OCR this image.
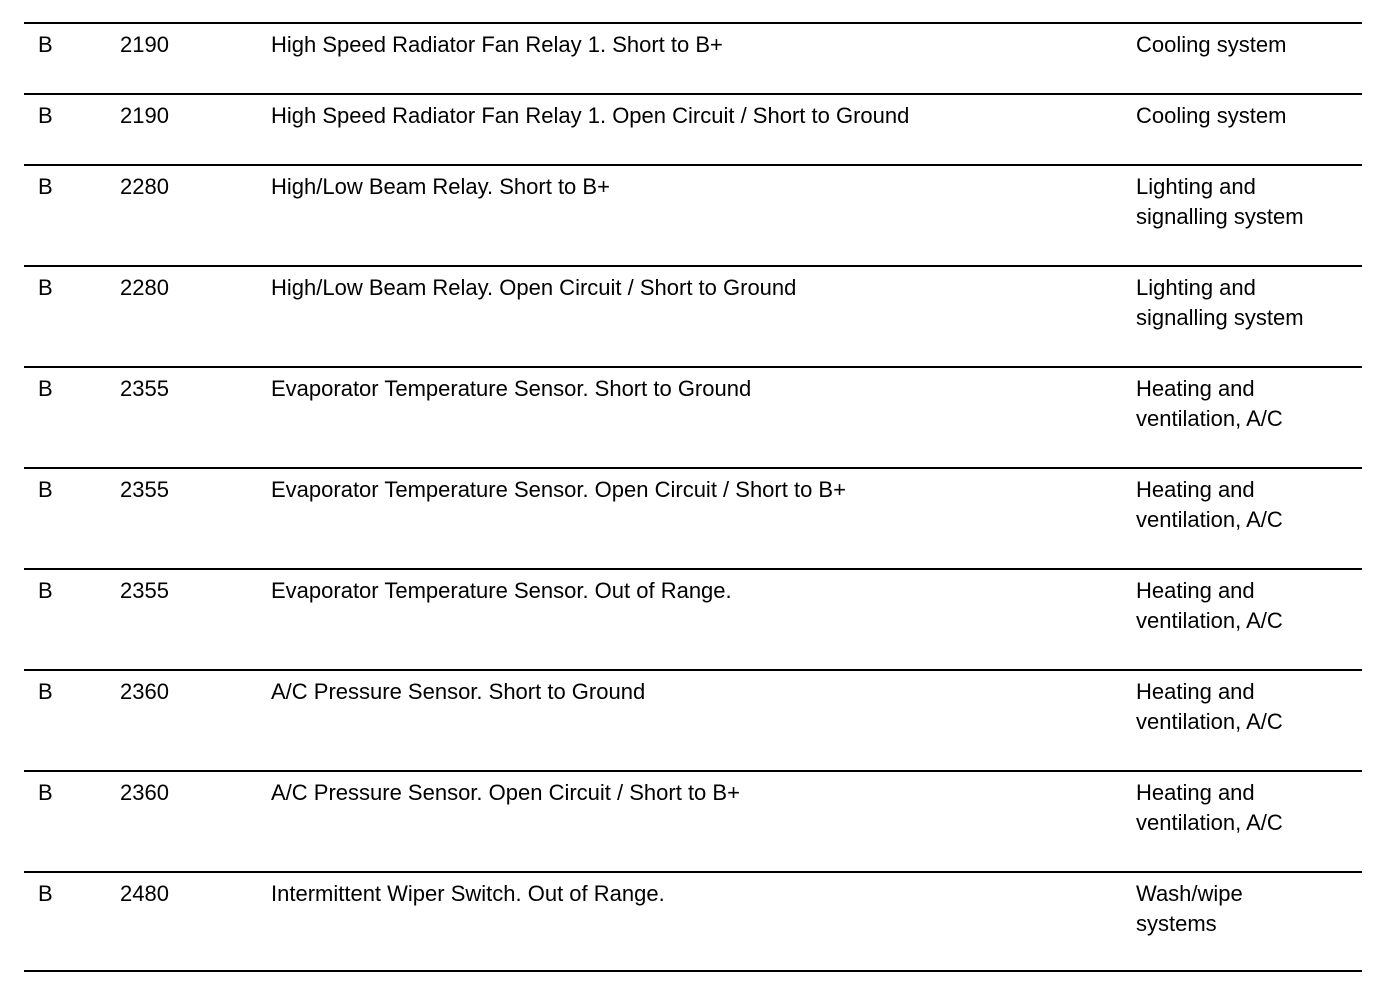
B	2190	High Speed Radiator Fan Relay 1. Short to B+	Cooling system
B	2190	High Speed Radiator Fan Relay 1. Open Circuit / Short to Ground	Cooling system
B	2280	High/Low Beam Relay. Short to B+	Lighting and
signalling system
B	2280	High/Low Beam Relay. Open Circuit / Short to Ground	Lighting and
signalling system
B	2355	Evaporator Temperature Sensor. Short to Ground	Heating and
ventilation, A/C
B	2355	Evaporator Temperature Sensor. Open Circuit / Short to B+	Heating and
ventilation, A/C
B	2355	Evaporator Temperature Sensor. Out of Range.	Heating and
ventilation, A/C
B	2360	A/C Pressure Sensor. Short to Ground	Heating and
ventilation, A/C
B	2360	A/C Pressure Sensor. Open Circuit / Short to B+	Heating and
ventilation, A/C
B	2480	Intermittent Wiper Switch. Out of Range.	Wash/wipe
systems
